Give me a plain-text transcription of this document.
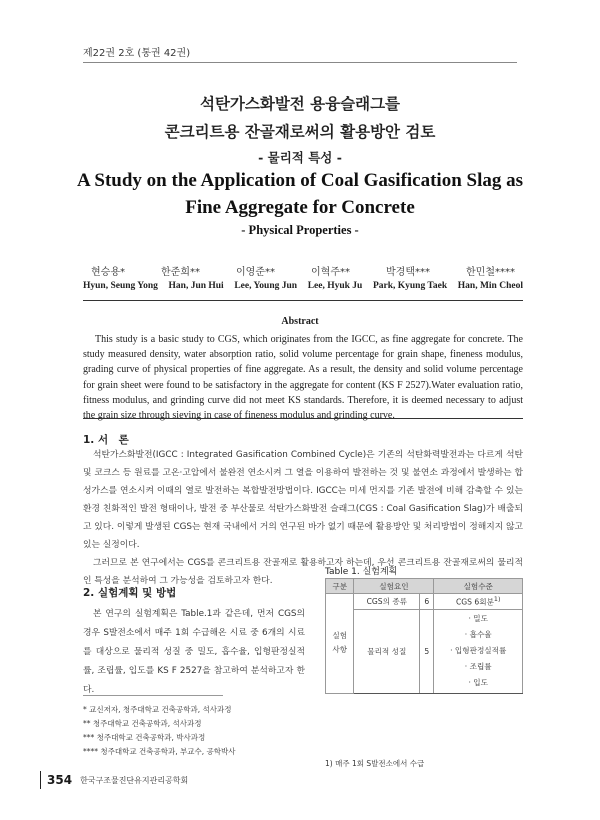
제22권 2호 (통권 42권)
석탄가스화발전 용융슬래그를
콘크리트용 잔골재로써의 활용방안 검토
- 물리적 특성 -
A Study on the Application of Coal Gasification Slag as
Fine Aggregate for Concrete
- Physical Properties -
현승용*	한준희**	이영준**	이혁주**	박경택***	한민철****
Hyun, Seung Yong Han, Jun Hui Lee, Young Jun Lee, Hyuk Ju Park, Kyung Taek Han, Min Cheol
Abstract
This study is a basic study to CGS, which originates from the IGCC, as fine aggregate for concrete. The study measured density, water absorption ratio, solid volume percentage for grain shape, fineness modulus, grading curve of physical properties of fine aggregate. As a result, the density and solid volume percentage for grain sheet were found to be satisfactory in the aggregate for content (KS F 2527).Water evaluation ratio, fitness modulus, and grinding curve did not meet KS standards. Therefore, it is deemed necessary to adjust the grain size through sieving in case of fineness modulus and grinding curve.
1. 서　론

석탄가스화발전(IGCC : Integrated Gasification Combined Cycle)은 기존의 석탄화력발전과는 다르게 석탄 및 코크스 등 원료를 고온·고압에서 불완전 연소시켜 그 열을 이용하여 발전하는 것 및 불연소 과정에서 발생하는 합성가스를 연소시켜 이때의 열로 발전하는 복합발전방법이다. IGCC는 미세 먼지를 기존 발전에 비해 감축할 수 있는 환경 친화적인 발전 형태이나, 발전 중 부산물로 석탄가스화발전 슬래그(CGS : Coal Gasification Slag)가 배출되고 있다. 이렇게 발생된 CGS는 현재 국내에서 거의 연구된 바가 없기 때문에 활용방안 및 처리방법이 정해지지 않고 있는 실정이다.

그러므로 본 연구에서는 CGS를 콘크리트용 잔골재로 활용하고자 하는데, 우선 콘크리트용 잔골재로써의 물리적인 특성을 분석하여 그 가능성을 검토하고자 한다.

2. 실험계획 및 방법
본 연구의 실험계획은 Table.1과 같은데, 먼저 CGS의 경우 S발전소에서 매주 1회 수급해온 시료 중 6개의 시료를 대상으로 물리적 성질 중 밀도, 흡수율, 입형판정실적률, 조립률, 입도를 KS F 2527을 참고하여 분석하고자 한다.
Table 1. 실험계획
구분	실험요인		실험수준
실험
사항	CGS의 종류	6	CGS 6회분$^{1)}$
	물리적 성질	5	· 밀도
· 흡수율
· 입형판정실적률
· 조립률
· 입도
1) 매주 1회 S발전소에서 수급
* 교신저자, 청주대학교 건축공학과, 석사과정
** 청주대학교 건축공학과, 석사과정
*** 청주대학교 건축공학과, 박사과정
**** 청주대학교 건축공학과, 부교수, 공학박사
354 한국구조물진단유지관리공학회
